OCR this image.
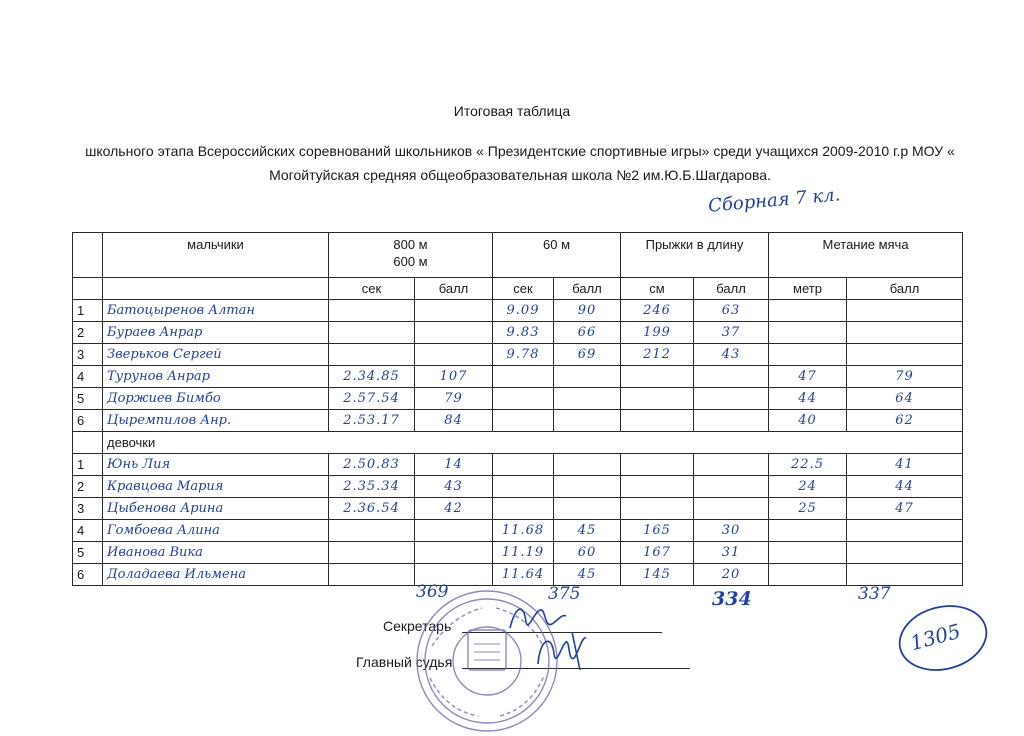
Итоговая таблица
школьного этапа Всероссийских соревнований школьников « Президентские спортивные игры» среди учащихся 2009-2010 г.р МОУ « Могойтуйская средняя общеобразовательная школа №2 им.Ю.Б.Шагдарова.
Сборная 7 кл.
	мальчики	800 м
600 м		60 м		Прыжки в длину		Метание мяча	
		сек	балл	сек	балл	см	балл	метр	балл
1	Батоцыренов Алтан			9.09	90	246	63		
2	Бураев Анрар			9.83	66	199	37		
3	Зверьков Сергей			9.78	69	212	43		
4	Турунов Анрар	2.34.85	107					47	79
5	Доржиев Бимбо	2.57.54	79					44	64
6	Цыремпилов Анр.	2.53.17	84					40	62
	девочки								
1	Юнь Лия	2.50.83	14					22.5	41
2	Кравцова Мария	2.35.34	43					24	44
3	Цыбенова Арина	2.36.54	42					25	47
4	Гомбоева Алина			11.68	45	165	30		
5	Иванова Вика			11.19	60	167	31		
6	Доладаева Ильмена			11.64	45	145	20		
369	375	334	337
Секретарь
Главный судья
1305
